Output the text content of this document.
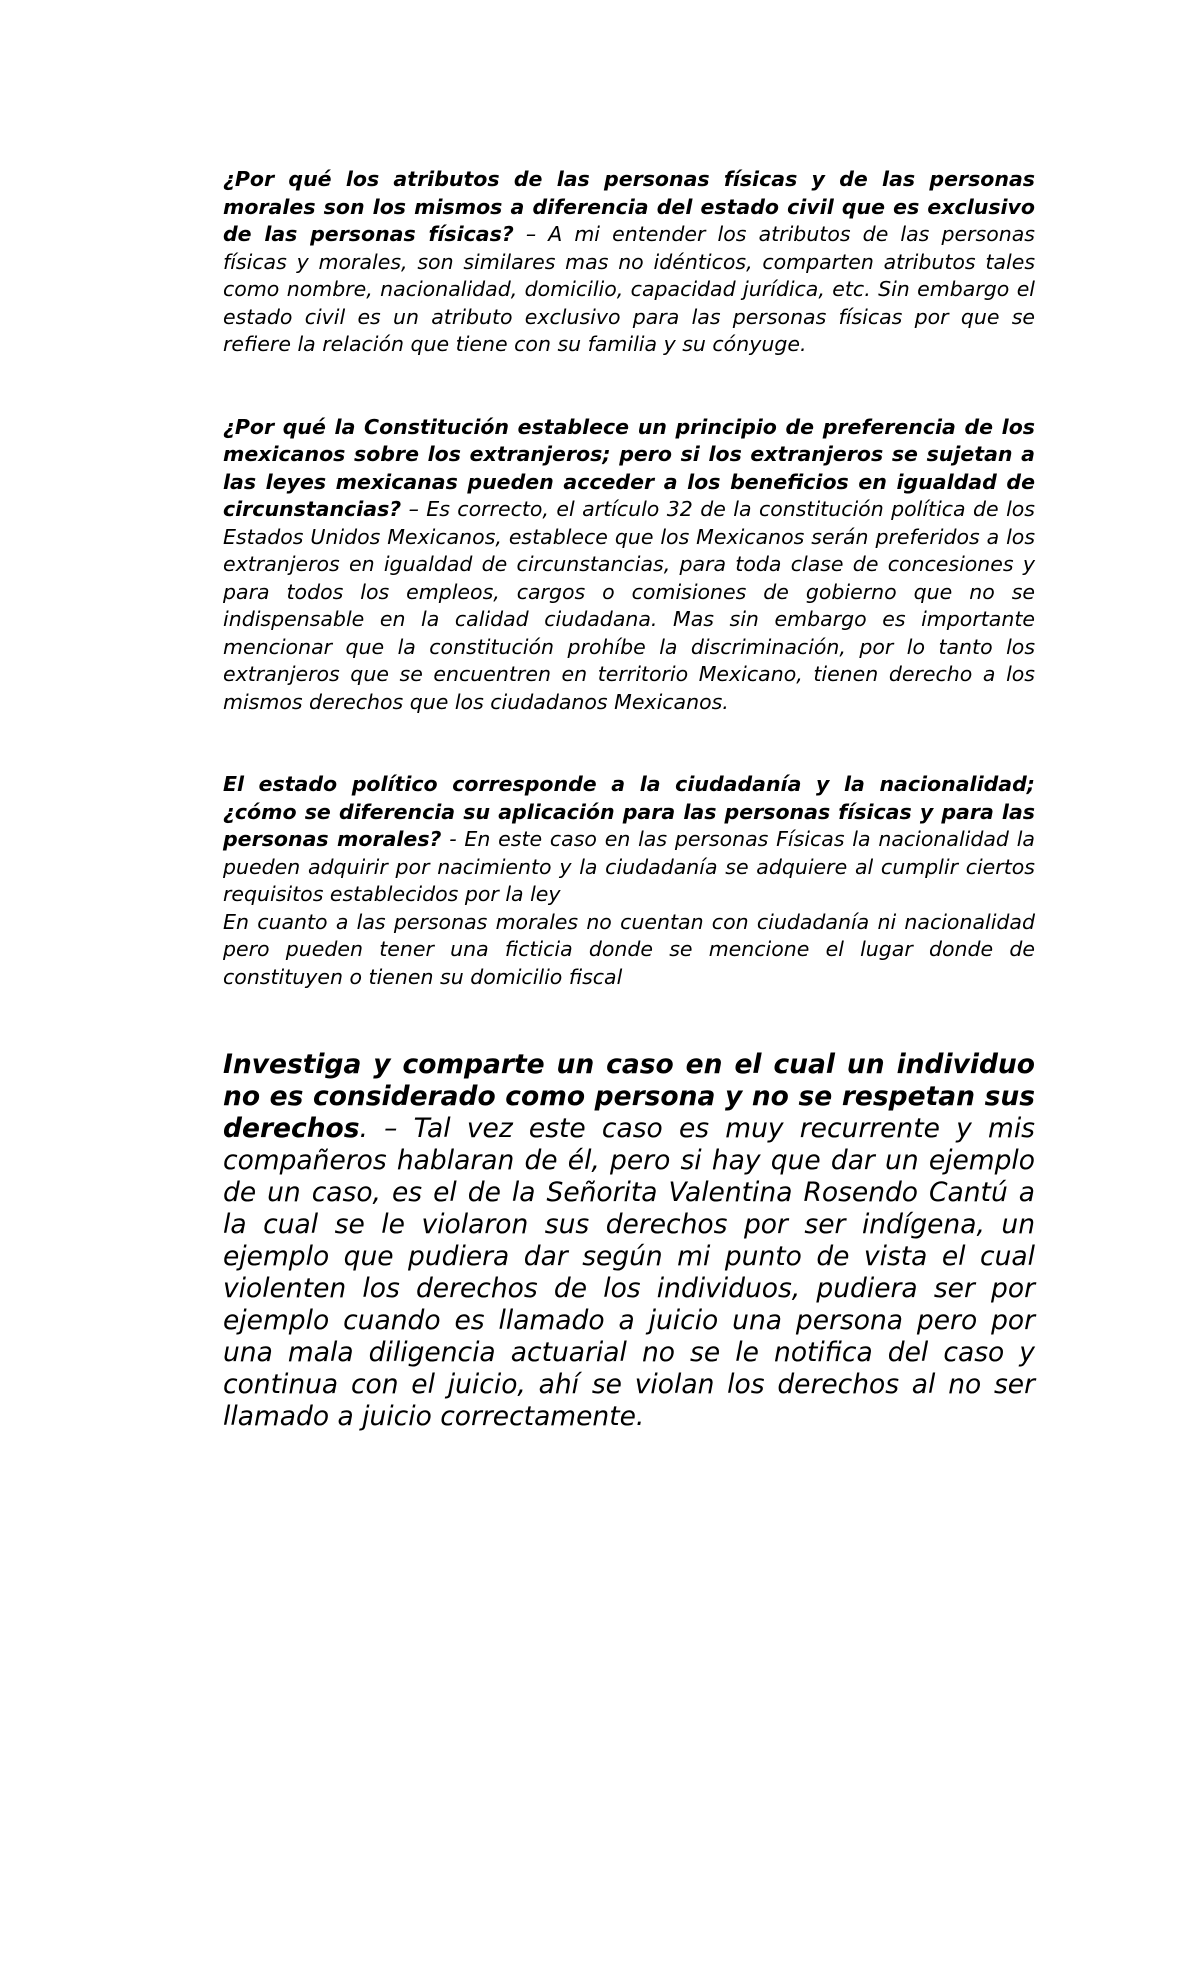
¿Por qué los atributos de las personas físicas y de las personas morales son los mismos a diferencia del estado civil que es exclusivo de las personas físicas? – A mi entender los atributos de las personas físicas y morales, son similares mas no idénticos, comparten atributos tales como nombre, nacionalidad, domicilio, capacidad jurídica, etc. Sin embargo el estado civil es un atributo exclusivo para las personas físicas por que se refiere la relación que tiene con su familia y su cónyuge.

¿Por qué la Constitución establece un principio de preferencia de los mexicanos sobre los extranjeros; pero si los extranjeros se sujetan a las leyes mexicanas pueden acceder a los beneficios en igualdad de circunstancias? – Es correcto, el artículo 32 de la constitución política de los Estados Unidos Mexicanos, establece que los Mexicanos serán preferidos a los extranjeros en igualdad de circunstancias, para toda clase de concesiones y para todos los empleos, cargos o comisiones de gobierno que no se indispensable en la calidad ciudadana. Mas sin embargo es importante mencionar que la constitución prohíbe la discriminación, por lo tanto los extranjeros que se encuentren en territorio Mexicano, tienen derecho a los mismos derechos que los ciudadanos Mexicanos.

El estado político corresponde a la ciudadanía y la nacionalidad; ¿cómo se diferencia su aplicación para las personas físicas y para las personas morales? - En este caso en las personas Físicas la nacionalidad la pueden adquirir por nacimiento y la ciudadanía se adquiere al cumplir ciertos requisitos establecidos por la ley
En cuanto a las personas morales no cuentan con ciudadanía ni nacionalidad pero pueden tener una ficticia donde se mencione el lugar donde de constituyen o tienen su domicilio fiscal

Investiga y comparte un caso en el cual un individuo no es considerado como persona y no se respetan sus derechos. – Tal vez este caso es muy recurrente y mis compañeros hablaran de él, pero si hay que dar un ejemplo de un caso, es el de la Señorita Valentina Rosendo Cantú a la cual se le violaron sus derechos por ser indígena, un ejemplo que pudiera dar según mi punto de vista el cual violenten los derechos de los individuos, pudiera ser por ejemplo cuando es llamado a juicio una persona pero por una mala diligencia actuarial no se le notifica del caso y continua con el juicio, ahí se violan los derechos al no ser llamado a juicio correctamente.
